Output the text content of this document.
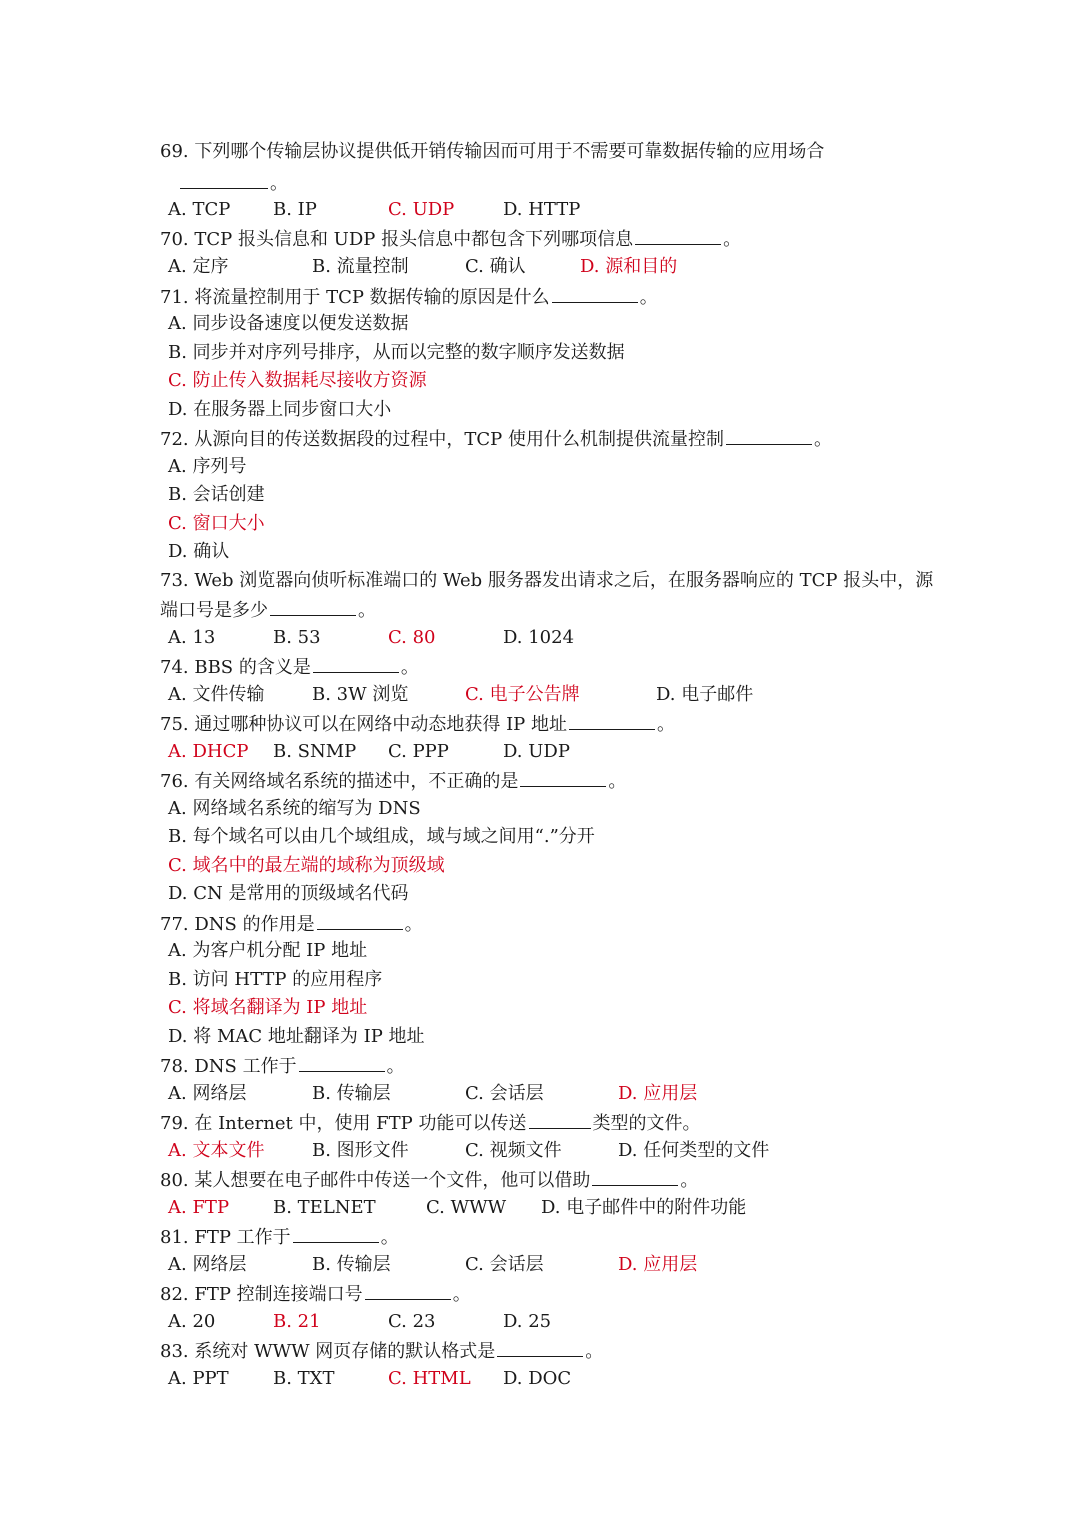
69. 下列哪个传输层协议提供低开销传输因而可用于不需要可靠数据传输的应用场合
。
A. TCP B. IP	C. UDP	D. HTTP
70. TCP 报头信息和 UDP 报头信息中都包含下列哪项信息	。
A. 定序	B. 流量控制	C. 确认	D. 源和目的
71. 将流量控制用于 TCP 数据传输的原因是什么	。
A. 同步设备速度以便发送数据
B. 同步并对序列号排序，从而以完整的数字顺序发送数据
C. 防止传入数据耗尽接收方资源
D. 在服务器上同步窗口大小
72. 从源向目的传送数据段的过程中，TCP 使用什么机制提供流量控制	。
A. 序列号
B. 会话创建
C. 窗口大小
D. 确认
73. Web 浏览器向侦听标准端口的 Web 服务器发出请求之后，在服务器响应的 TCP 报头中，源
端口号是多少	。
A. 13	B. 53	C. 80	D. 1024
74. BBS 的含义是	。
A. 文件传输	B. 3W 浏览	C. 电子公告牌	D. 电子邮件
75. 通过哪种协议可以在网络中动态地获得 IP 地址	。
A. DHCP B. SNMP C. PPP	D. UDP
76. 有关网络域名系统的描述中，不正确的是	。
A. 网络域名系统的缩写为 DNS
B. 每个域名可以由几个域组成，域与域之间用“.”分开
C. 域名中的最左端的域称为顶级域
D. CN 是常用的顶级域名代码
77. DNS 的作用是	。
A. 为客户机分配 IP 地址
B. 访问 HTTP 的应用程序
C. 将域名翻译为 IP 地址
D. 将 MAC 地址翻译为 IP 地址
78. DNS 工作于	。
A. 网络层	B. 传输层	C. 会话层	D. 应用层
79. 在 Internet 中，使用 FTP 功能可以传送	类型的文件。
A. 文本文件	B. 图形文件	C. 视频文件	D. 任何类型的文件
80. 某人想要在电子邮件中传送一个文件，他可以借助	。
A. FTP B. TELNET	C. WWW D. 电子邮件中的附件功能
81. FTP 工作于	。
A. 网络层	B. 传输层	C. 会话层	D. 应用层
82. FTP 控制连接端口号	。
A. 20	B. 21	C. 23	D. 25
83. 系统对 WWW 网页存储的默认格式是	。
A. PPT B. TXT	C. HTML D. DOC
